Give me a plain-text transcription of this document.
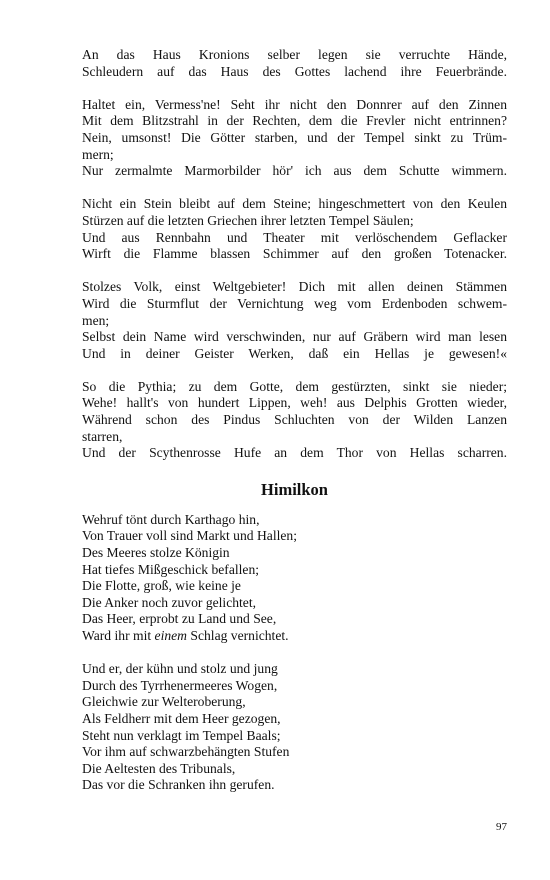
An das Haus Kronions selber legen sie verruchte Hände,
Schleudern auf das Haus des Gottes lachend ihre Feuerbrände.
Haltet ein, Vermess'ne! Seht ihr nicht den Donnrer auf den Zinnen
Mit dem Blitzstrahl in der Rechten, dem die Frevler nicht entrinnen?
Nein, umsonst! Die Götter starben, und der Tempel sinkt zu Trüm-
mern;
Nur zermalmte Marmorbilder hör' ich aus dem Schutte wimmern.
Nicht ein Stein bleibt auf dem Steine; hingeschmettert von den Keulen
Stürzen auf die letzten Griechen ihrer letzten Tempel Säulen;
Und aus Rennbahn und Theater mit verlöschendem Geflacker
Wirft die Flamme blassen Schimmer auf den großen Totenacker.
Stolzes Volk, einst Weltgebieter! Dich mit allen deinen Stämmen
Wird die Sturmflut der Vernichtung weg vom Erdenboden schwem-
men;
Selbst dein Name wird verschwinden, nur auf Gräbern wird man lesen
Und in deiner Geister Werken, daß ein Hellas je gewesen!«
So die Pythia; zu dem Gotte, dem gestürzten, sinkt sie nieder;
Wehe! hallt's von hundert Lippen, weh! aus Delphis Grotten wieder,
Während schon des Pindus Schluchten von der Wilden Lanzen
starren,
Und der Scythenrosse Hufe an dem Thor von Hellas scharren.
Himilkon
Wehruf tönt durch Karthago hin,
Von Trauer voll sind Markt und Hallen;
Des Meeres stolze Königin
Hat tiefes Mißgeschick befallen;
Die Flotte, groß, wie keine je
Die Anker noch zuvor gelichtet,
Das Heer, erprobt zu Land und See,
Ward ihr mit einem Schlag vernichtet.
Und er, der kühn und stolz und jung
Durch des Tyrrhenermeeres Wogen,
Gleichwie zur Welteroberung,
Als Feldherr mit dem Heer gezogen,
Steht nun verklagt im Tempel Baals;
Vor ihm auf schwarzbehängten Stufen
Die Aeltesten des Tribunals,
Das vor die Schranken ihn gerufen.
97
